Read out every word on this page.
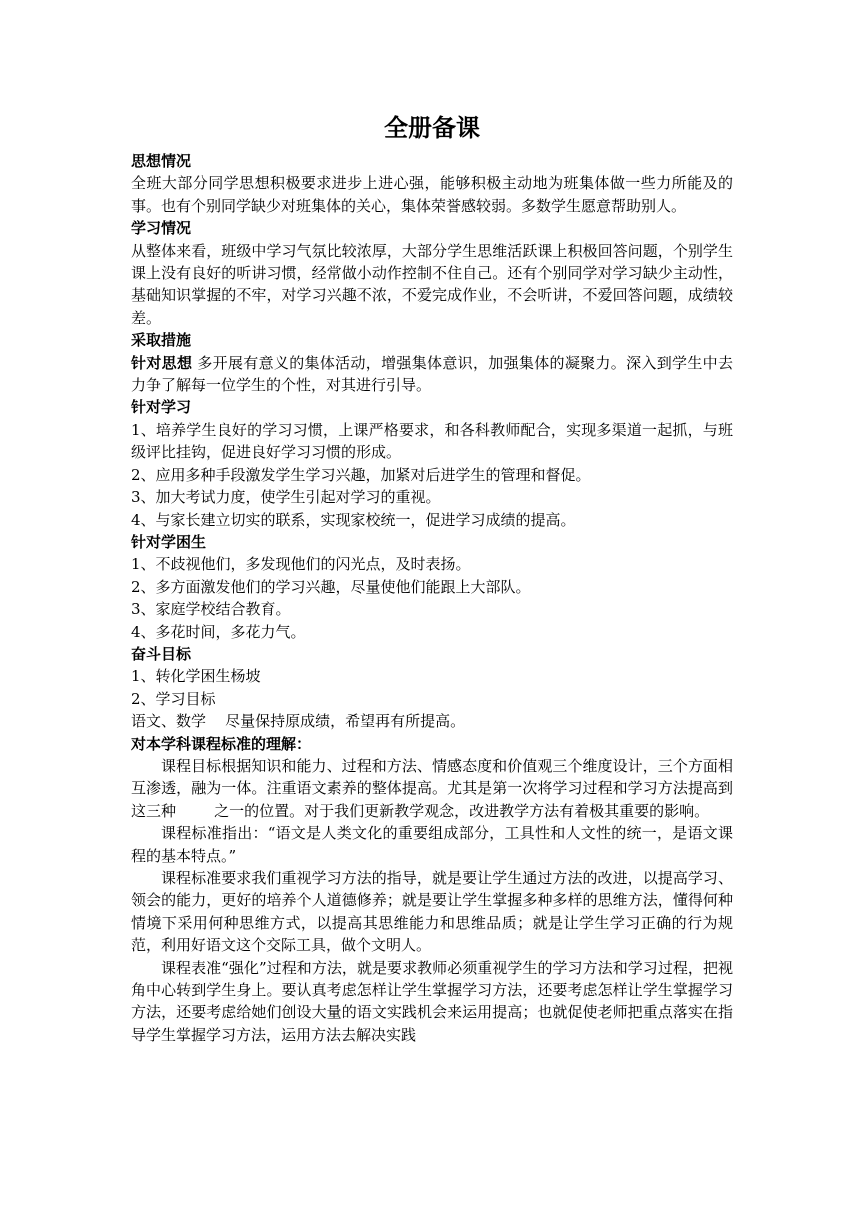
全册备课
思想情况

全班大部分同学思想积极要求进步上进心强，能够积极主动地为班集体做一些力所能及的事。也有个别同学缺少对班集体的关心，集体荣誉感较弱。多数学生愿意帮助别人。

学习情况

从整体来看，班级中学习气氛比较浓厚，大部分学生思维活跃课上积极回答问题，个别学生课上没有良好的听讲习惯，经常做小动作控制不住自己。还有个别同学对学习缺少主动性，基础知识掌握的不牢，对学习兴趣不浓，不爱完成作业，不会听讲，不爱回答问题，成绩较差。

采取措施

针对思想 多开展有意义的集体活动，增强集体意识，加强集体的凝聚力。深入到学生中去力争了解每一位学生的个性，对其进行引导。

针对学习

1、培养学生良好的学习习惯，上课严格要求，和各科教师配合，实现多渠道一起抓，与班级评比挂钩，促进良好学习习惯的形成。

2、应用多种手段激发学生学习兴趣，加紧对后进学生的管理和督促。

3、加大考试力度，使学生引起对学习的重视。

4、与家长建立切实的联系，实现家校统一，促进学习成绩的提高。

针对学困生

1、不歧视他们，多发现他们的闪光点，及时表扬。

2、多方面激发他们的学习兴趣，尽量使他们能跟上大部队。

3、家庭学校结合教育。

4、多花时间，多花力气。

奋斗目标

1、转化学困生杨坡

2、学习目标

语文、数学    尽量保持原成绩，希望再有所提高。

对本学科课程标准的理解：

课程目标根据知识和能力、过程和方法、情感态度和价值观三个维度设计，三个方面相互渗透，融为一体。注重语文素养的整体提高。尤其是第一次将学习过程和学习方法提高到这三种        之一的位置。对于我们更新教学观念，改进教学方法有着极其重要的影响。

课程标准指出：“语文是人类文化的重要组成部分，工具性和人文性的统一，是语文课程的基本特点。”

课程标准要求我们重视学习方法的指导，就是要让学生通过方法的改进，以提高学习、领会的能力，更好的培养个人道德修养；就是要让学生掌握多种多样的思维方法，懂得何种情境下采用何种思维方式，以提高其思维能力和思维品质；就是让学生学习正确的行为规范，利用好语文这个交际工具，做个文明人。

课程表准“强化”过程和方法，就是要求教师必须重视学生的学习方法和学习过程，把视角中心转到学生身上。要认真考虑怎样让学生掌握学习方法，还要考虑怎样让学生掌握学习方法，还要考虑给她们创设大量的语文实践机会来运用提高；也就促使老师把重点落实在指导学生掌握学习方法，运用方法去解决实践
